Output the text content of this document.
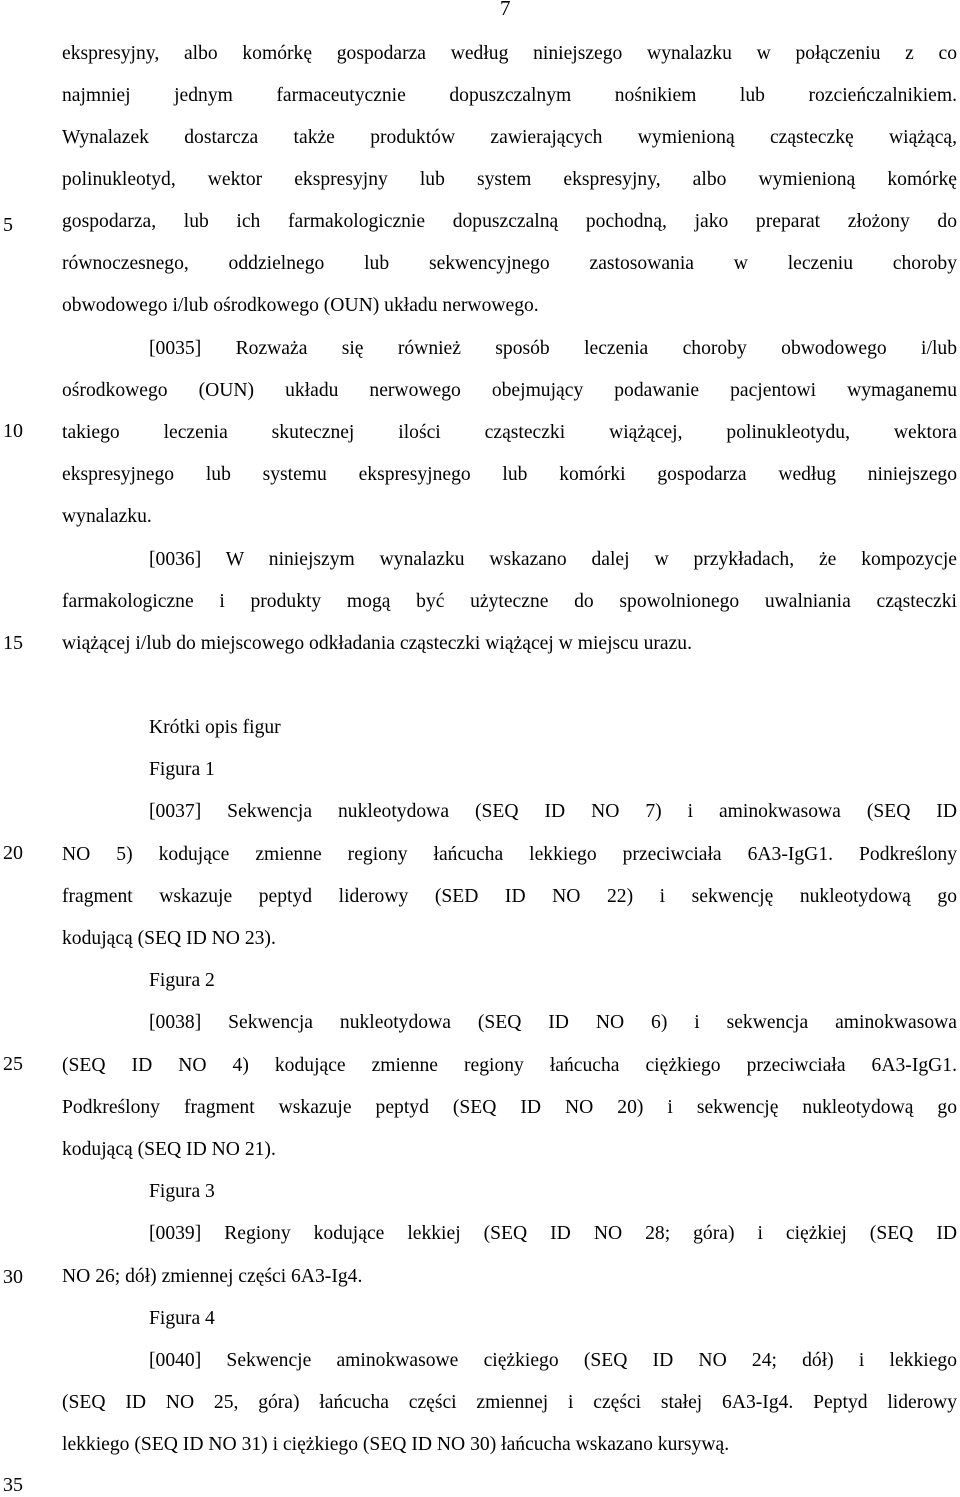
7
5
10
15
20
25
30
35
ekspresyjny, albo komórkę gospodarza według niniejszego wynalazku w połączeniu z co
najmniej jednym farmaceutycznie dopuszczalnym nośnikiem lub rozcieńczalnikiem.
Wynalazek dostarcza także produktów zawierających wymienioną cząsteczkę wiążącą,
polinukleotyd, wektor ekspresyjny lub system ekspresyjny, albo wymienioną komórkę
gospodarza, lub ich farmakologicznie dopuszczalną pochodną, jako preparat złożony do
równoczesnego, oddzielnego lub sekwencyjnego zastosowania w leczeniu choroby
obwodowego i/lub ośrodkowego (OUN) układu nerwowego.
[0035] Rozważa się również sposób leczenia choroby obwodowego i/lub
ośrodkowego (OUN) układu nerwowego obejmujący podawanie pacjentowi wymaganemu
takiego leczenia skutecznej ilości cząsteczki wiążącej, polinukleotydu, wektora
ekspresyjnego lub systemu ekspresyjnego lub komórki gospodarza według niniejszego
wynalazku.
[0036] W niniejszym wynalazku wskazano dalej w przykładach, że kompozycje
farmakologiczne i produkty mogą być użyteczne do spowolnionego uwalniania cząsteczki
wiążącej i/lub do miejscowego odkładania cząsteczki wiążącej w miejscu urazu.
Krótki opis figur
Figura 1
[0037] Sekwencja nukleotydowa (SEQ ID NO 7) i aminokwasowa (SEQ ID
NO 5) kodujące zmienne regiony łańcucha lekkiego przeciwciała 6A3-IgG1. Podkreślony
fragment wskazuje peptyd liderowy (SED ID NO 22) i sekwencję nukleotydową go
kodującą (SEQ ID NO 23).
Figura 2
[0038] Sekwencja nukleotydowa (SEQ ID NO 6) i sekwencja aminokwasowa
(SEQ ID NO 4) kodujące zmienne regiony łańcucha ciężkiego przeciwciała 6A3-IgG1.
Podkreślony fragment wskazuje peptyd (SEQ ID NO 20) i sekwencję nukleotydową go
kodującą (SEQ ID NO 21).
Figura 3
[0039] Regiony kodujące lekkiej (SEQ ID NO 28; góra) i ciężkiej (SEQ ID
NO 26; dół) zmiennej części 6A3-Ig4.
Figura 4
[0040] Sekwencje aminokwasowe ciężkiego (SEQ ID NO 24; dół) i lekkiego
(SEQ ID NO 25, góra) łańcucha części zmiennej i części stałej 6A3-Ig4. Peptyd liderowy
lekkiego (SEQ ID NO 31) i ciężkiego (SEQ ID NO 30) łańcucha wskazano kursywą.
